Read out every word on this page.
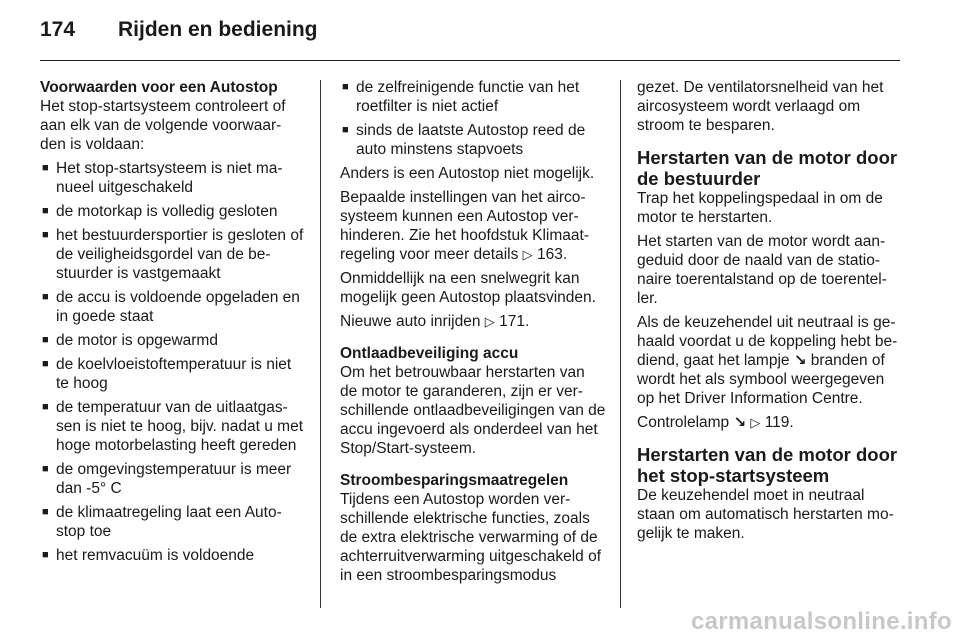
174	Rijden en bediening

Voorwaarden voor een Autostop

Het stop-startsysteem controleert of aan elk van de volgende voorwaar-den is voldaan:

■ Het stop-startsysteem is niet ma-nueel uitgeschakeld
■ de motorkap is volledig gesloten
■ het bestuurdersportier is gesloten of de veiligheidsgordel van de be-stuurder is vastgemaakt
■ de accu is voldoende opgeladen en in goede staat
■ de motor is opgewarmd
■ de koelvloeistoftemperatuur is niet te hoog
■ de temperatuur van de uitlaatgas-sen is niet te hoog, bijv. nadat u met hoge motorbelasting heeft gereden
■ de omgevingstemperatuur is meer dan -5° C
■ de klimaatregeling laat een Auto-stop toe
■ het remvacuüm is voldoende
■ de zelfreinigende functie van het roetfilter is niet actief
■ sinds de laatste Autostop reed de auto minstens stapvoets

Anders is een Autostop niet mogelijk.

Bepaalde instellingen van het airco-systeem kunnen een Autostop ver-hinderen. Zie het hoofdstuk Klimaat-regeling voor meer details ▷ 163.

Onmiddellijk na een snelwegrit kan mogelijk geen Autostop plaatsvinden.

Nieuwe auto inrijden ▷ 171.

Ontlaadbeveiliging accu

Om het betrouwbaar herstarten van de motor te garanderen, zijn er ver-schillende ontlaadbeveiligingen van de accu ingevoerd als onderdeel van het Stop/Start-systeem.

Stroombesparingsmaatregelen

Tijdens een Autostop worden ver-schillende elektrische functies, zoals de extra elektrische verwarming of de achterruitverwarming uitgeschakeld of in een stroombesparingsmodus

gezet. De ventilatorsnelheid van het aircosysteem wordt verlaagd om stroom te besparen.

Herstarten van de motor door de bestuurder

Trap het koppelingspedaal in om de motor te herstarten.

Het starten van de motor wordt aan-geduid door de naald van de statio-naire toerentalstand op de toerentel-ler.

Als de keuzehendel uit neutraal is ge-haald voordat u de koppeling hebt be-diend, gaat het lampje ↘ branden of wordt het als symbool weergegeven op het Driver Information Centre.

Controlelamp ↘ ▷ 119.

Herstarten van de motor door het stop-startsysteem

De keuzehendel moet in neutraal staan om automatisch herstarten mo-gelijk te maken.

carmanualsonline.info
